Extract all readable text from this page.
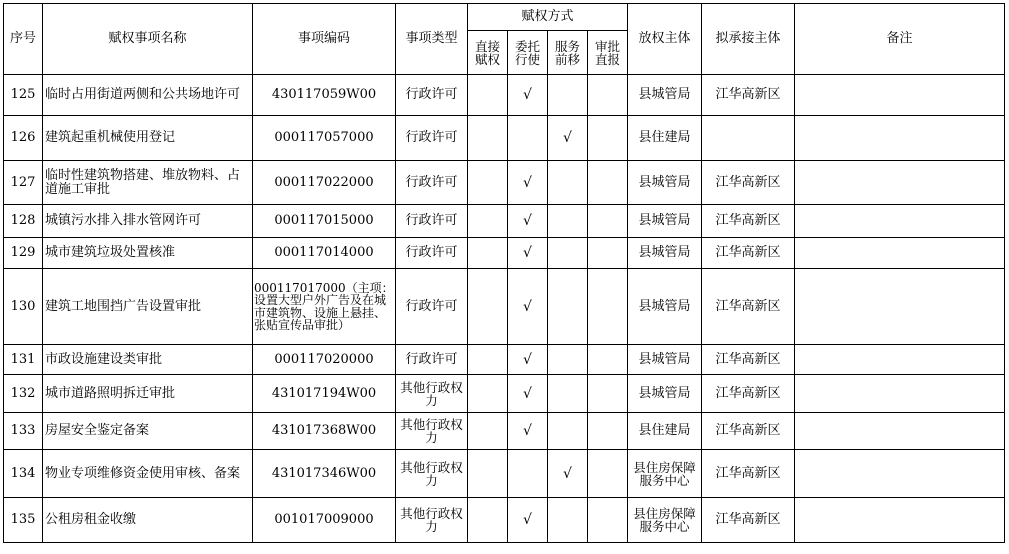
序号	赋权事项名称	事项编码	事项类型	赋权方式				放权主体	拟承接主体	备注
				直接赋权	委托行使	服务前移	审批直报			
125	临时占用街道两侧和公共场地许可	430117059W00	行政许可		√			县城管局	江华高新区	
126	建筑起重机械使用登记	000117057000	行政许可			√		县住建局		
127	临时性建筑物搭建、堆放物料、占道施工审批	000117022000	行政许可		√			县城管局	江华高新区	
128	城镇污水排入排水管网许可	000117015000	行政许可		√			县城管局	江华高新区	
129	城市建筑垃圾处置核准	000117014000	行政许可		√			县城管局	江华高新区	
130	建筑工地围挡广告设置审批	000117017000（主项：设置大型户外广告及在城市建筑物、设施上悬挂、张贴宣传品审批）	行政许可		√			县城管局	江华高新区	
131	市政设施建设类审批	000117020000	行政许可		√			县城管局	江华高新区	
132	城市道路照明拆迁审批	431017194W00	其他行政权力		√			县城管局	江华高新区	
133	房屋安全鉴定备案	431017368W00	其他行政权力		√			县住建局	江华高新区	
134	物业专项维修资金使用审核、备案	431017346W00	其他行政权力			√		县住房保障服务中心	江华高新区	
135	公租房租金收缴	001017009000	其他行政权力		√			县住房保障服务中心	江华高新区	
